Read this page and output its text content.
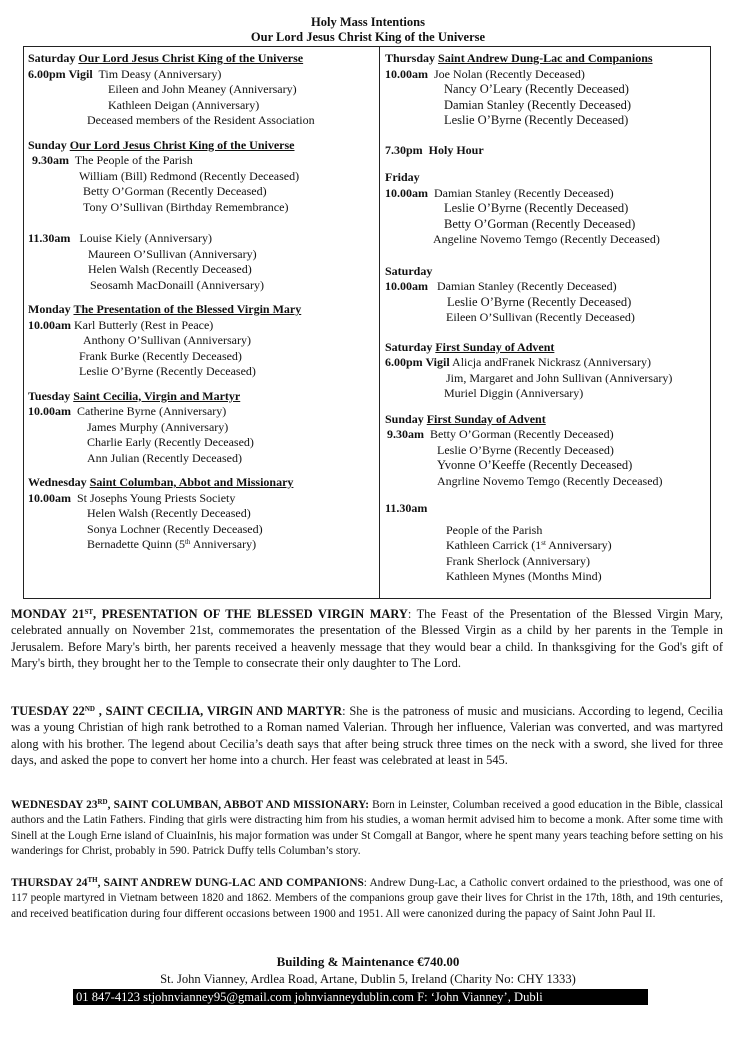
Holy Mass Intentions
Our Lord Jesus Christ King of the Universe
Saturday Our Lord Jesus Christ King of the Universe
6.00pm Vigil Tim Deasy (Anniversary)
Eileen and John Meaney (Anniversary)
Kathleen Deigan (Anniversary)
Deceased members of the Resident Association
Sunday Our Lord Jesus Christ King of the Universe
9.30am The People of the Parish
William (Bill) Redmond (Recently Deceased)
Betty O’Gorman (Recently Deceased)
Tony O’Sullivan (Birthday Remembrance)
11.30am Louise Kiely (Anniversary)
Maureen O’Sullivan (Anniversary)
Helen Walsh (Recently Deceased)
Seosamh MacDonaill (Anniversary)
Monday The Presentation of the Blessed Virgin Mary
10.00am Karl Butterly (Rest in Peace)
Anthony O’Sullivan (Anniversary)
Frank Burke (Recently Deceased)
Leslie O’Byrne (Recently Deceased)
Tuesday Saint Cecilia, Virgin and Martyr
10.00am Catherine Byrne (Anniversary)
James Murphy (Anniversary)
Charlie Early (Recently Deceased)
Ann Julian (Recently Deceased)
Wednesday Saint Columban, Abbot and Missionary
10.00am St Josephs Young Priests Society
Helen Walsh (Recently Deceased)
Sonya Lochner (Recently Deceased)
Bernadette Quinn (5th Anniversary)
Thursday Saint Andrew Dung-Lac and Companions
10.00am Joe Nolan (Recently Deceased)
Nancy O’Leary (Recently Deceased)
Damian Stanley (Recently Deceased)
Leslie O’Byrne (Recently Deceased)
7.30pm Holy Hour
Friday
10.00am Damian Stanley (Recently Deceased)
Leslie O’Byrne (Recently Deceased)
Betty O’Gorman (Recently Deceased)
Angeline Novemo Temgo (Recently Deceased)
Saturday
10.00am Damian Stanley (Recently Deceased)
Leslie O’Byrne (Recently Deceased)
Eileen O’Sullivan (Recently Deceased)
Saturday First Sunday of Advent
6.00pm Vigil Alicja andFranek Nickrasz (Anniversary)
Jim, Margaret and John Sullivan (Anniversary)
Muriel Diggin (Anniversary)
Sunday First Sunday of Advent
9.30am Betty O’Gorman (Recently Deceased)
Leslie O’Byrne (Recently Deceased)
Yvonne O’Keeffe (Recently Deceased)
Angrline Novemo Temgo (Recently Deceased)
11.30am
People of the Parish
Kathleen Carrick (1st Anniversary)
Frank Sherlock (Anniversary)
Kathleen Mynes (Months Mind)
MONDAY 21ST, PRESENTATION OF THE BLESSED VIRGIN MARY: The Feast of the Presentation of the Blessed Virgin Mary, celebrated annually on November 21st, commemorates the presentation of the Blessed Virgin as a child by her parents in the Temple in Jerusalem. Before Mary's birth, her parents received a heavenly message that they would bear a child. In thanksgiving for the God's gift of Mary's birth, they brought her to the Temple to consecrate their only daughter to The Lord.
TUESDAY 22ND , SAINT CECILIA, VIRGIN AND MARTYR: She is the patroness of music and musicians. According to legend, Cecilia was a young Christian of high rank betrothed to a Roman named Valerian. Through her influence, Valerian was converted, and was martyred along with his brother. The legend about Cecilia’s death says that after being struck three times on the neck with a sword, she lived for three days, and asked the pope to convert her home into a church. Her feast was celebrated at least in 545.
WEDNESDAY 23RD, SAINT COLUMBAN, ABBOT AND MISSIONARY: Born in Leinster, Columban received a good education in the Bible, classical authors and the Latin Fathers. Finding that girls were distracting him from his studies, a woman hermit advised him to become a monk. After some time with Sinell at the Lough Erne island of CluainInis, his major formation was under St Comgall at Bangor, where he spent many years teaching before setting on his wanderings for Christ, probably in 590. Patrick Duffy tells Columban’s story.
THURSDAY 24TH, SAINT ANDREW DUNG-LAC AND COMPANIONS: Andrew Dung-Lac, a Catholic convert ordained to the priesthood, was one of 117 people martyred in Vietnam between 1820 and 1862. Members of the companions group gave their lives for Christ in the 17th, 18th, and 19th centuries, and received beatification during four different occasions between 1900 and 1951. All were canonized during the papacy of Saint John Paul II.
Building & Maintenance €740.00
St. John Vianney, Ardlea Road, Artane, Dublin 5, Ireland (Charity No: CHY 1333)
01 847-4123 stjohnvianney95@gmail.com johnvianneydublin.com F: ‘John Vianney’, Dubli
